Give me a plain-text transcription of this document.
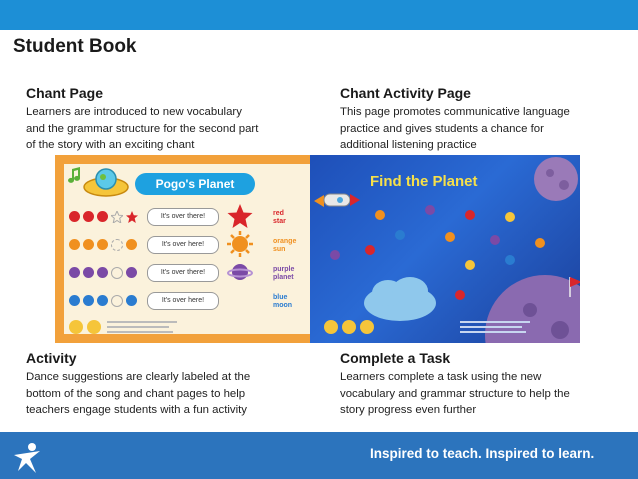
Student Book
Chant Page
Learners are introduced to new vocabulary
and the grammar structure for the second part
of the story with an exciting chant
Chant Activity Page
This page promotes communicative language
practice and gives students a chance for
additional listening practice
Pogo's Planet
It's over there!
It's over here!
It's over there!
It's over here!
red
star
orange
sun
purple
planet
blue
moon
Find the Planet
Activity
Dance suggestions are clearly labeled at the
bottom of the song and chant pages to help
teachers engage students with a fun activity
Complete a Task
Learners complete a task using the new
vocabulary and grammar structure to help the
story progress even further
Inspired to teach. Inspired to learn.
